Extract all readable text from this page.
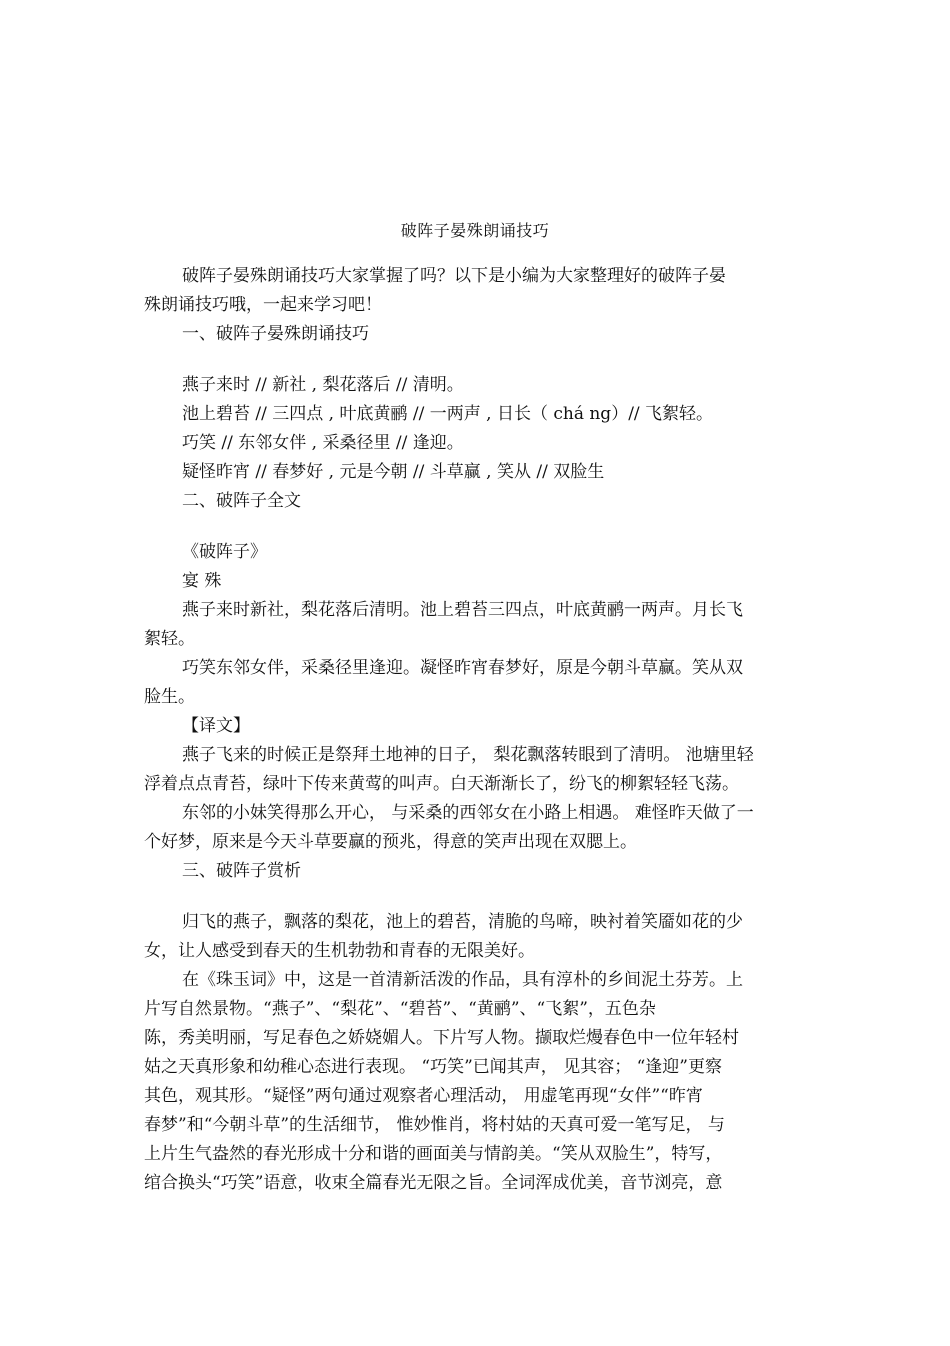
破阵子晏殊朗诵技巧
破阵子晏殊朗诵技巧大家掌握了吗？以下是小编为大家整理好的破阵子晏
殊朗诵技巧哦，一起来学习吧！
一、破阵子晏殊朗诵技巧
燕子来时 // 新社 , 梨花落后 // 清明。
池上碧苔 // 三四点 , 叶底黄鹂 // 一两声 , 日长（ chá ng）// 飞絮轻。
巧笑 // 东邻女伴 , 采桑径里 // 逢迎。
疑怪昨宵 // 春梦好 , 元是今朝 // 斗草赢 , 笑从 // 双脸生
二、破阵子全文
《破阵子》
宴 殊
燕子来时新社，梨花落后清明。池上碧苔三四点，叶底黄鹂一两声。月长飞
絮轻。
巧笑东邻女伴，采桑径里逢迎。凝怪昨宵春梦好，原是今朝斗草赢。笑从双
脸生。
【译文】
燕子飞来的时候正是祭拜土地神的日子， 梨花飘落转眼到了清明。 池塘里轻
浮着点点青苔，绿叶下传来黄莺的叫声。白天渐渐长了，纷飞的柳絮轻轻飞荡。
东邻的小妹笑得那么开心， 与采桑的西邻女在小路上相遇。 难怪昨天做了一
个好梦，原来是今天斗草要赢的预兆，得意的笑声出现在双腮上。
三、破阵子赏析
归飞的燕子，飘落的梨花，池上的碧苔，清脆的鸟啼，映衬着笑靥如花的少
女，让人感受到春天的生机勃勃和青春的无限美好。
在《珠玉词》中，这是一首清新活泼的作品，具有淳朴的乡间泥土芬芳。上
片写自然景物。“燕子”、“梨花”、“碧苔”、“黄鹂”、“飞絮”，五色杂
陈，秀美明丽，写足春色之娇娆媚人。下片写人物。撷取烂熳春色中一位年轻村
姑之天真形象和幼稚心态进行表现。 “巧笑”已闻其声， 见其容； “逢迎”更察
其色，观其形。“疑怪”两句通过观察者心理活动， 用虚笔再现“女伴”“昨宵
春梦”和“今朝斗草”的生活细节， 惟妙惟肖，将村姑的天真可爱一笔写足， 与
上片生气盎然的春光形成十分和谐的画面美与情韵美。“笑从双脸生”，特写，
绾合换头“巧笑”语意，收束全篇春光无限之旨。全词浑成优美，音节浏亮，意
